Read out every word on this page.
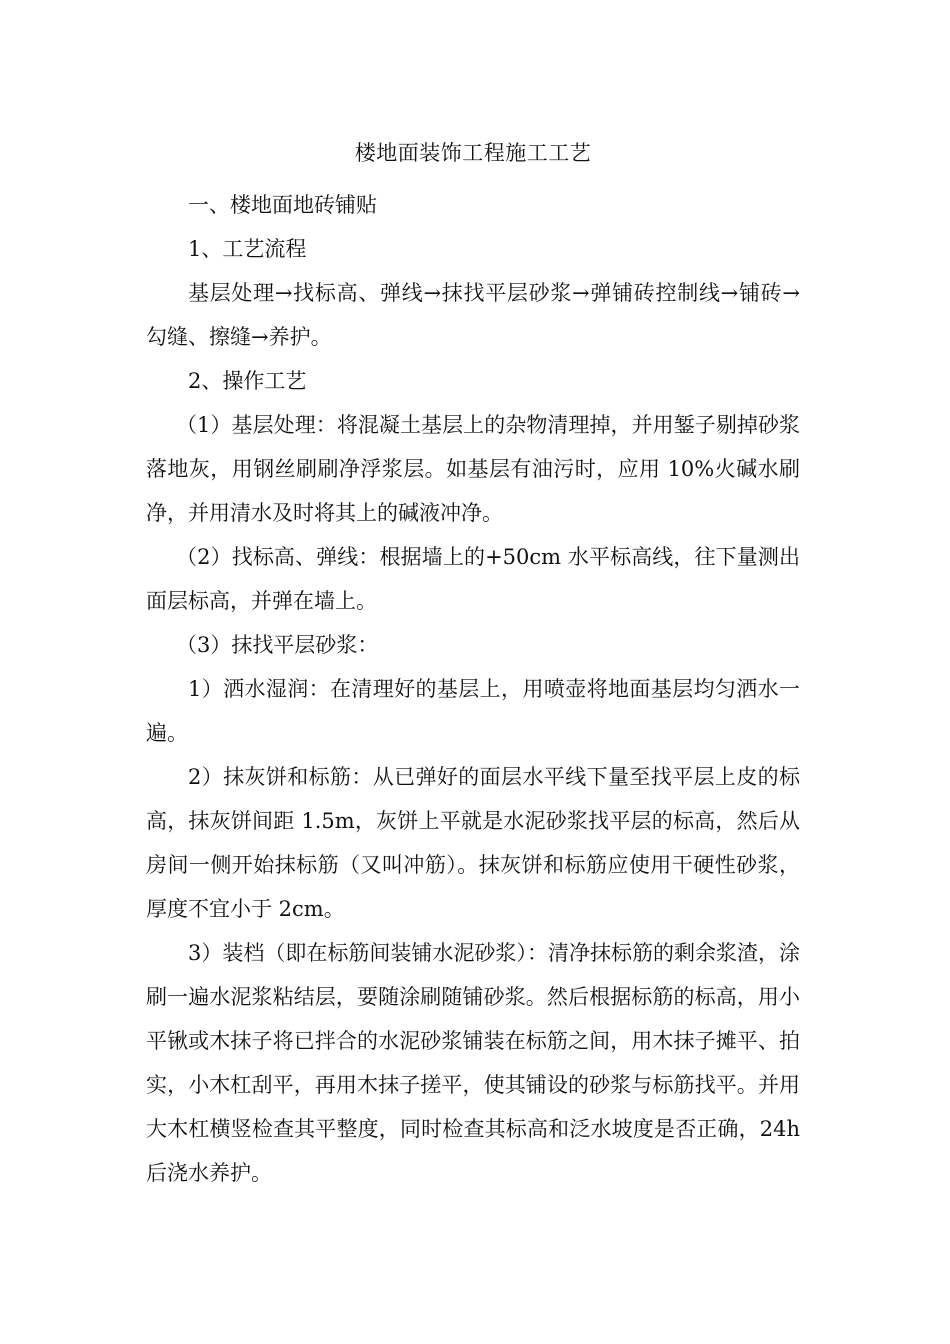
楼地面装饰工程施工工艺

一、楼地面地砖铺贴

1、工艺流程

基层处理→找标高、弹线→抹找平层砂浆→弹铺砖控制线→铺砖→勾缝、擦缝→养护。

2、操作工艺

（1）基层处理：将混凝土基层上的杂物清理掉，并用錾子剔掉砂浆落地灰，用钢丝刷刷净浮浆层。如基层有油污时，应用 10%火碱水刷净，并用清水及时将其上的碱液冲净。

（2）找标高、弹线：根据墙上的+50cm 水平标高线，往下量测出面层标高，并弹在墙上。

（3）抹找平层砂浆：

1）洒水湿润：在清理好的基层上，用喷壶将地面基层均匀洒水一遍。

2）抹灰饼和标筋：从已弹好的面层水平线下量至找平层上皮的标高，抹灰饼间距 1.5m，灰饼上平就是水泥砂浆找平层的标高，然后从房间一侧开始抹标筋（又叫冲筋）。抹灰饼和标筋应使用干硬性砂浆，厚度不宜小于 2cm。

3）装档（即在标筋间装铺水泥砂浆）：清净抹标筋的剩余浆渣，涂刷一遍水泥浆粘结层，要随涂刷随铺砂浆。然后根据标筋的标高，用小平锹或木抹子将已拌合的水泥砂浆铺装在标筋之间，用木抹子摊平、拍实，小木杠刮平，再用木抹子搓平，使其铺设的砂浆与标筋找平。并用大木杠横竖检查其平整度，同时检查其标高和泛水坡度是否正确，24h 后浇水养护。
